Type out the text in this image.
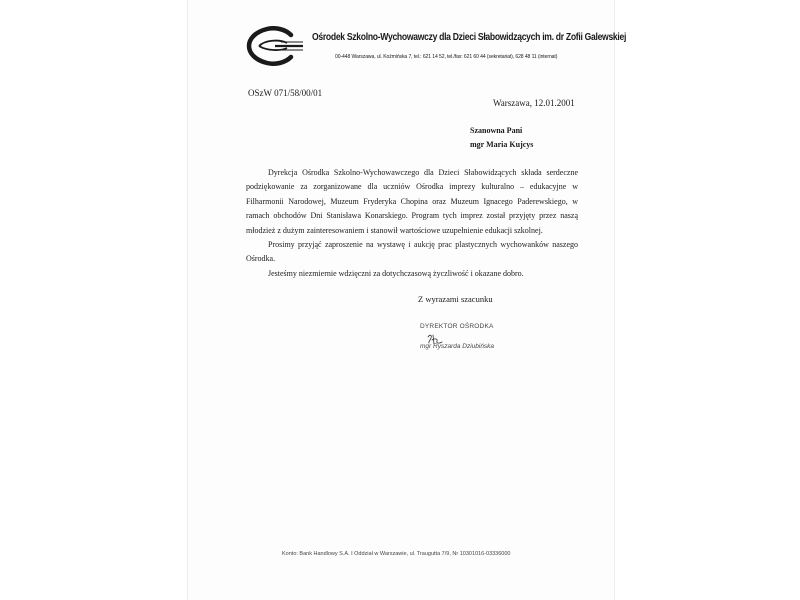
Ośrodek Szkolno-Wychowawczy dla Dzieci Słabowidzących im. dr Zofii Galewskiej
00-448 Warszawa, ul. Koźmińska 7, tel.: 621 14 52, tel./fax: 621 60 44 (sekretariat), 628 48 11 (internat)
OSzW 071/58/00/01
Warszawa, 12.01.2001
Szanowna Pani
mgr Maria Kujcys

Dyrekcja Ośrodka Szkolno-Wychowawczego dla Dzieci Słabowidzących składa serdeczne podziękowanie za zorganizowane dla uczniów Ośrodka imprezy kulturalno – edukacyjne w Filharmonii Narodowej, Muzeum Fryderyka Chopina oraz Muzeum Ignacego Paderewskiego, w ramach obchodów Dni Stanisława Konarskiego. Program tych imprez został przyjęty przez naszą młodzież z dużym zainteresowaniem i stanowił wartościowe uzupełnienie edukacji szkolnej.

Prosimy przyjąć zaproszenie na wystawę i aukcję prac plastycznych wychowanków naszego Ośrodka.

Jesteśmy niezmiernie wdzięczni za dotychczasową życzliwość i okazane dobro.

Z wyrazami szacunku
DYREKTOR OŚRODKA
mgr Ryszarda Dziubińska
Konto: Bank Handlowy S.A. I Oddział w Warszawie, ul. Traugutta 7/9, Nr 10301016-03336000
